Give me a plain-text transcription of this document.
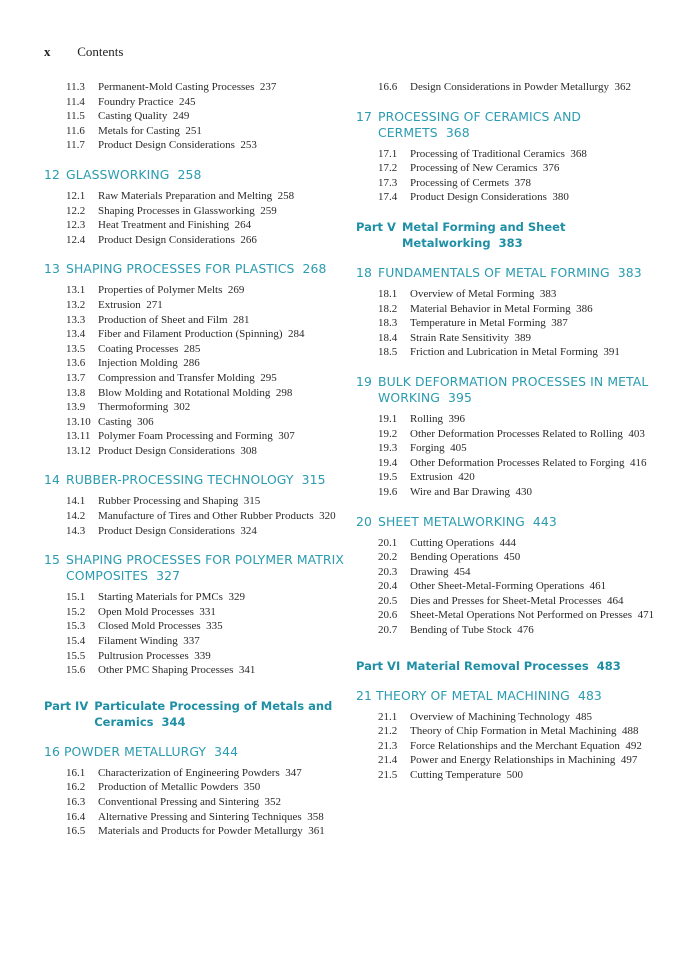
x Contents
11.3	Permanent-Mold Casting Processes  237
11.4	Foundry Practice  245
11.5	Casting Quality  249
11.6	Metals for Casting  251
11.7	Product Design Considerations  253
12 GLASSWORKING  258
12.1	Raw Materials Preparation and Melting  258
12.2	Shaping Processes in Glassworking  259
12.3	Heat Treatment and Finishing  264
12.4	Product Design Considerations  266
13 SHAPING PROCESSES FOR PLASTICS  268
13.1	Properties of Polymer Melts  269
13.2	Extrusion  271
13.3	Production of Sheet and Film  281
13.4	Fiber and Filament Production (Spinning)  284
13.5	Coating Processes  285
13.6	Injection Molding  286
13.7	Compression and Transfer Molding  295
13.8	Blow Molding and Rotational Molding  298
13.9	Thermoforming  302
13.10 Casting  306
13.11 Polymer Foam Processing and Forming  307
13.12 Product Design Considerations  308
14 RUBBER-PROCESSING TECHNOLOGY  315
14.1	Rubber Processing and Shaping  315
14.2	Manufacture of Tires and Other Rubber Products  320
14.3	Product Design Considerations  324
15 SHAPING PROCESSES FOR POLYMER MATRIX COMPOSITES  327
15.1	Starting Materials for PMCs  329
15.2	Open Mold Processes  331
15.3	Closed Mold Processes  335
15.4	Filament Winding  337
15.5	Pultrusion Processes  339
15.6	Other PMC Shaping Processes  341
Part IV Particulate Processing of Metals and Ceramics  344
16 POWDER METALLURGY  344
16.1	Characterization of Engineering Powders  347
16.2	Production of Metallic Powders  350
16.3	Conventional Pressing and Sintering  352
16.4	Alternative Pressing and Sintering Techniques  358
16.5	Materials and Products for Powder Metallurgy  361
16.6	Design Considerations in Powder Metallurgy  362
17 PROCESSING OF CERAMICS AND CERMETS  368
17.1	Processing of Traditional Ceramics  368
17.2	Processing of New Ceramics  376
17.3	Processing of Cermets  378
17.4	Product Design Considerations  380
Part V Metal Forming and Sheet Metalworking  383
18 FUNDAMENTALS OF METAL FORMING  383
18.1	Overview of Metal Forming  383
18.2	Material Behavior in Metal Forming  386
18.3	Temperature in Metal Forming  387
18.4	Strain Rate Sensitivity  389
18.5	Friction and Lubrication in Metal Forming  391
19 BULK DEFORMATION PROCESSES IN METAL WORKING  395
19.1	Rolling  396
19.2	Other Deformation Processes Related to Rolling  403
19.3	Forging  405
19.4	Other Deformation Processes Related to Forging  416
19.5	Extrusion  420
19.6	Wire and Bar Drawing  430
20 SHEET METALWORKING  443
20.1	Cutting Operations  444
20.2	Bending Operations  450
20.3	Drawing  454
20.4	Other Sheet-Metal-Forming Operations  461
20.5	Dies and Presses for Sheet-Metal Processes  464
20.6	Sheet-Metal Operations Not Performed on Presses  471
20.7	Bending of Tube Stock  476
Part VI Material Removal Processes  483
21 THEORY OF METAL MACHINING  483
21.1	Overview of Machining Technology  485
21.2	Theory of Chip Formation in Metal Machining  488
21.3	Force Relationships and the Merchant Equation  492
21.4	Power and Energy Relationships in Machining  497
21.5	Cutting Temperature  500
